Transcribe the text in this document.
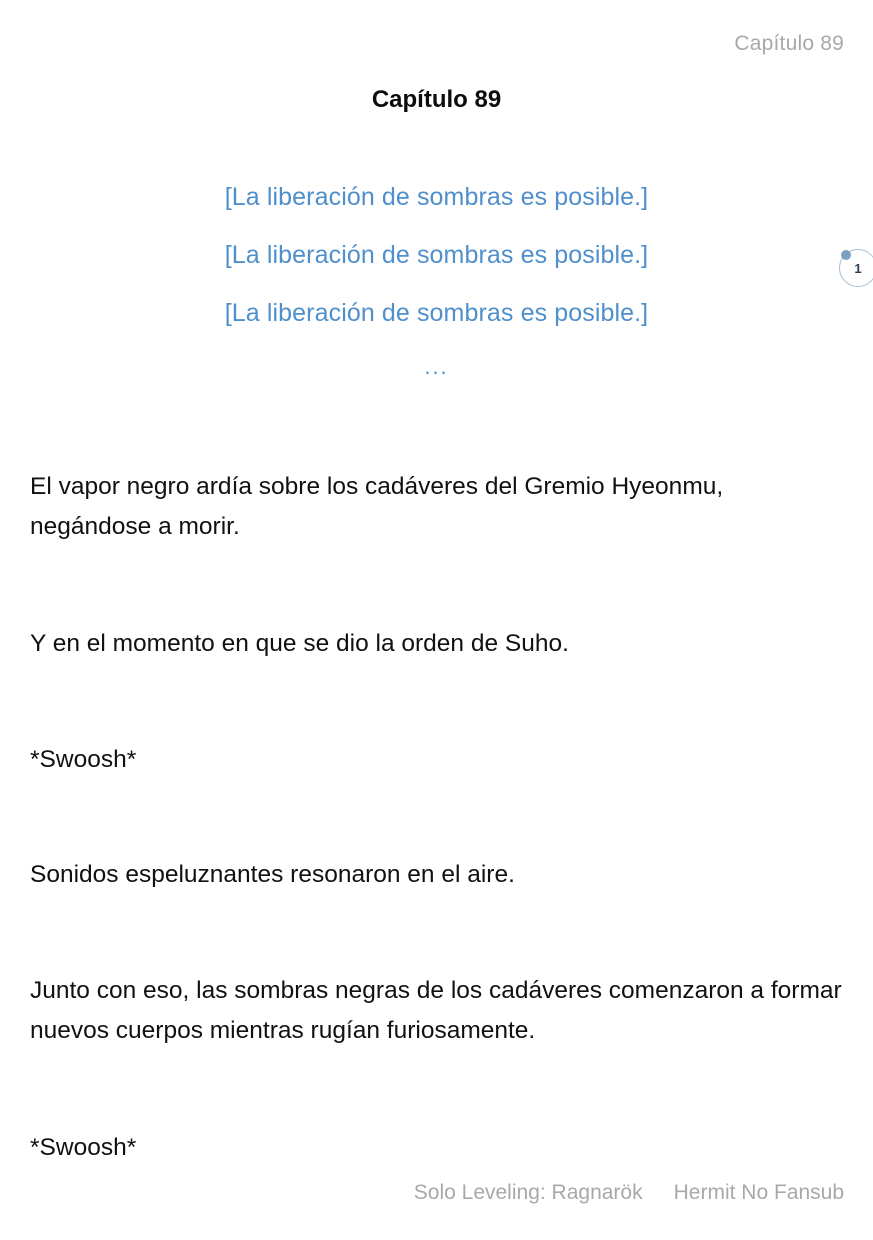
Capítulo 89
Capítulo 89
[La liberación de sombras es posible.]
[La liberación de sombras es posible.]
[La liberación de sombras es posible.]
...
1
El vapor negro ardía sobre los cadáveres del Gremio Hyeonmu, negándose a morir.
Y en el momento en que se dio la orden de Suho.
*Swoosh*
Sonidos espeluznantes resonaron en el aire.
Junto con eso, las sombras negras de los cadáveres comenzaron a formar nuevos cuerpos mientras rugían furiosamente.
*Swoosh*
Solo Leveling: Ragnarök Hermit No Fansub
